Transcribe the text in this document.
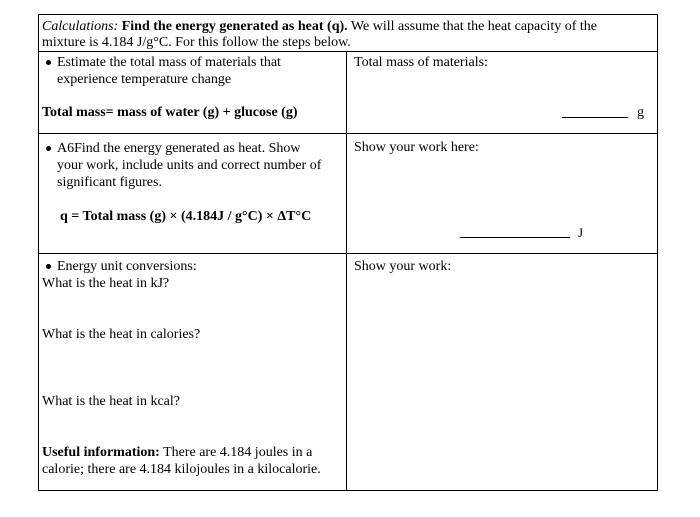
Calculations: Find the energy generated as heat (q). We will assume that the heat capacity of the
mixture is 4.184 J/g°C. For this follow the steps below.
Estimate the total mass of materials that
experience temperature change
Total mass= mass of water (g) + glucose (g)
Total mass of materials:
g
A6Find the energy generated as heat. Show
your work, include units and correct number of
significant figures.
q = Total mass (g) × (4.184J / g°C) × ΔT°C
Show your work here:
J
Energy unit conversions:
What is the heat in kJ?
What is the heat in calories?
What is the heat in kcal?
Useful information: There are 4.184 joules in a
calorie; there are 4.184 kilojoules in a kilocalorie.
Show your work:
